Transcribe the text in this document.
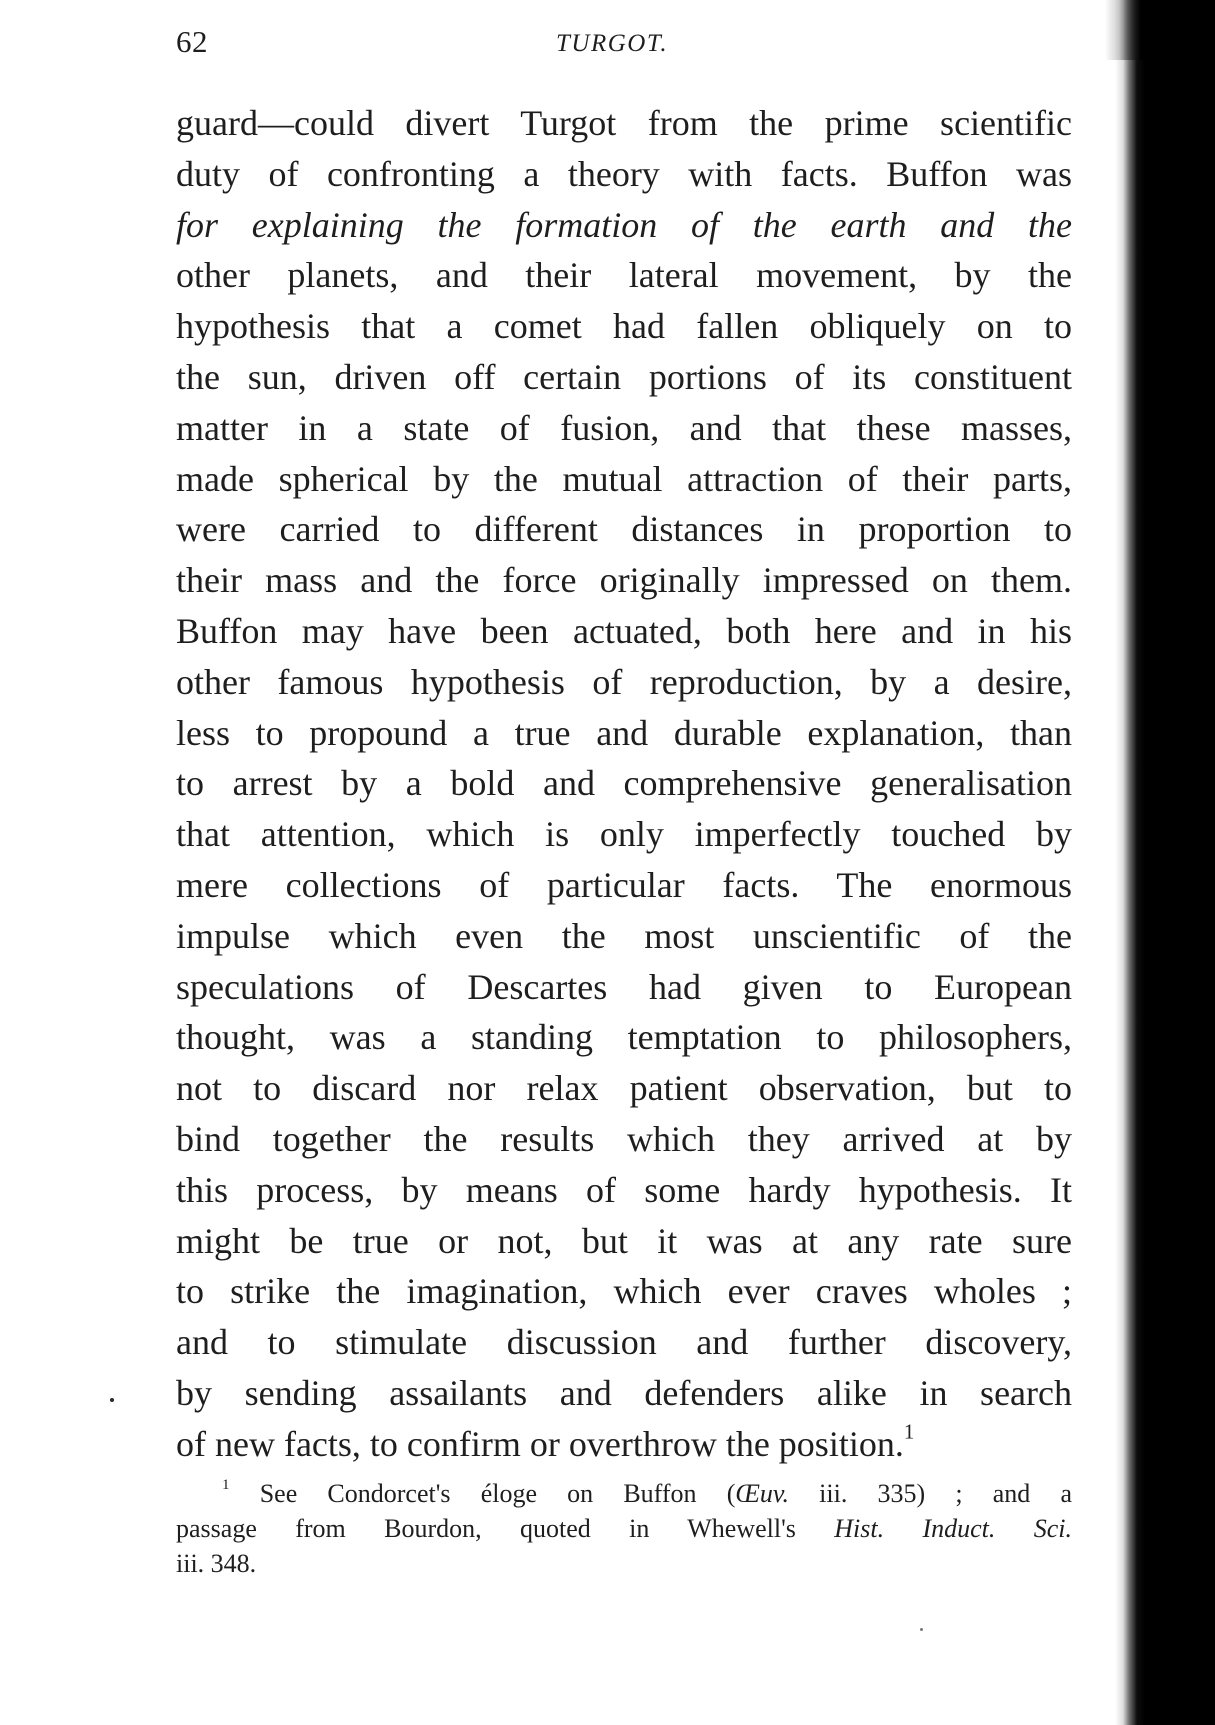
62	TURGOT.
guard—could divert Turgot from the prime scientific
duty of confronting a theory with facts. Buffon was
for explaining the formation of the earth and the
other planets, and their lateral movement, by the
hypothesis that a comet had fallen obliquely on to
the sun, driven off certain portions of its constituent
matter in a state of fusion, and that these masses,
made spherical by the mutual attraction of their parts,
were carried to different distances in proportion to
their mass and the force originally impressed on them.
Buffon may have been actuated, both here and in his
other famous hypothesis of reproduction, by a desire,
less to propound a true and durable explanation, than
to arrest by a bold and comprehensive generalisation
that attention, which is only imperfectly touched by
mere collections of particular facts. The enormous
impulse which even the most unscientific of the
speculations of Descartes had given to European
thought, was a standing temptation to philosophers,
not to discard nor relax patient observation, but to
bind together the results which they arrived at by
this process, by means of some hardy hypothesis. It
might be true or not, but it was at any rate sure
to strike the imagination, which ever craves wholes ;
and to stimulate discussion and further discovery,
by sending assailants and defenders alike in search
of new facts, to confirm or overthrow the position.$^1$
$^1$ See Condorcet's éloge on Buffon (Œuv. iii. 335) ; and a
passage from Bourdon, quoted in Whewell's Hist. Induct. Sci.
iii. 348.
